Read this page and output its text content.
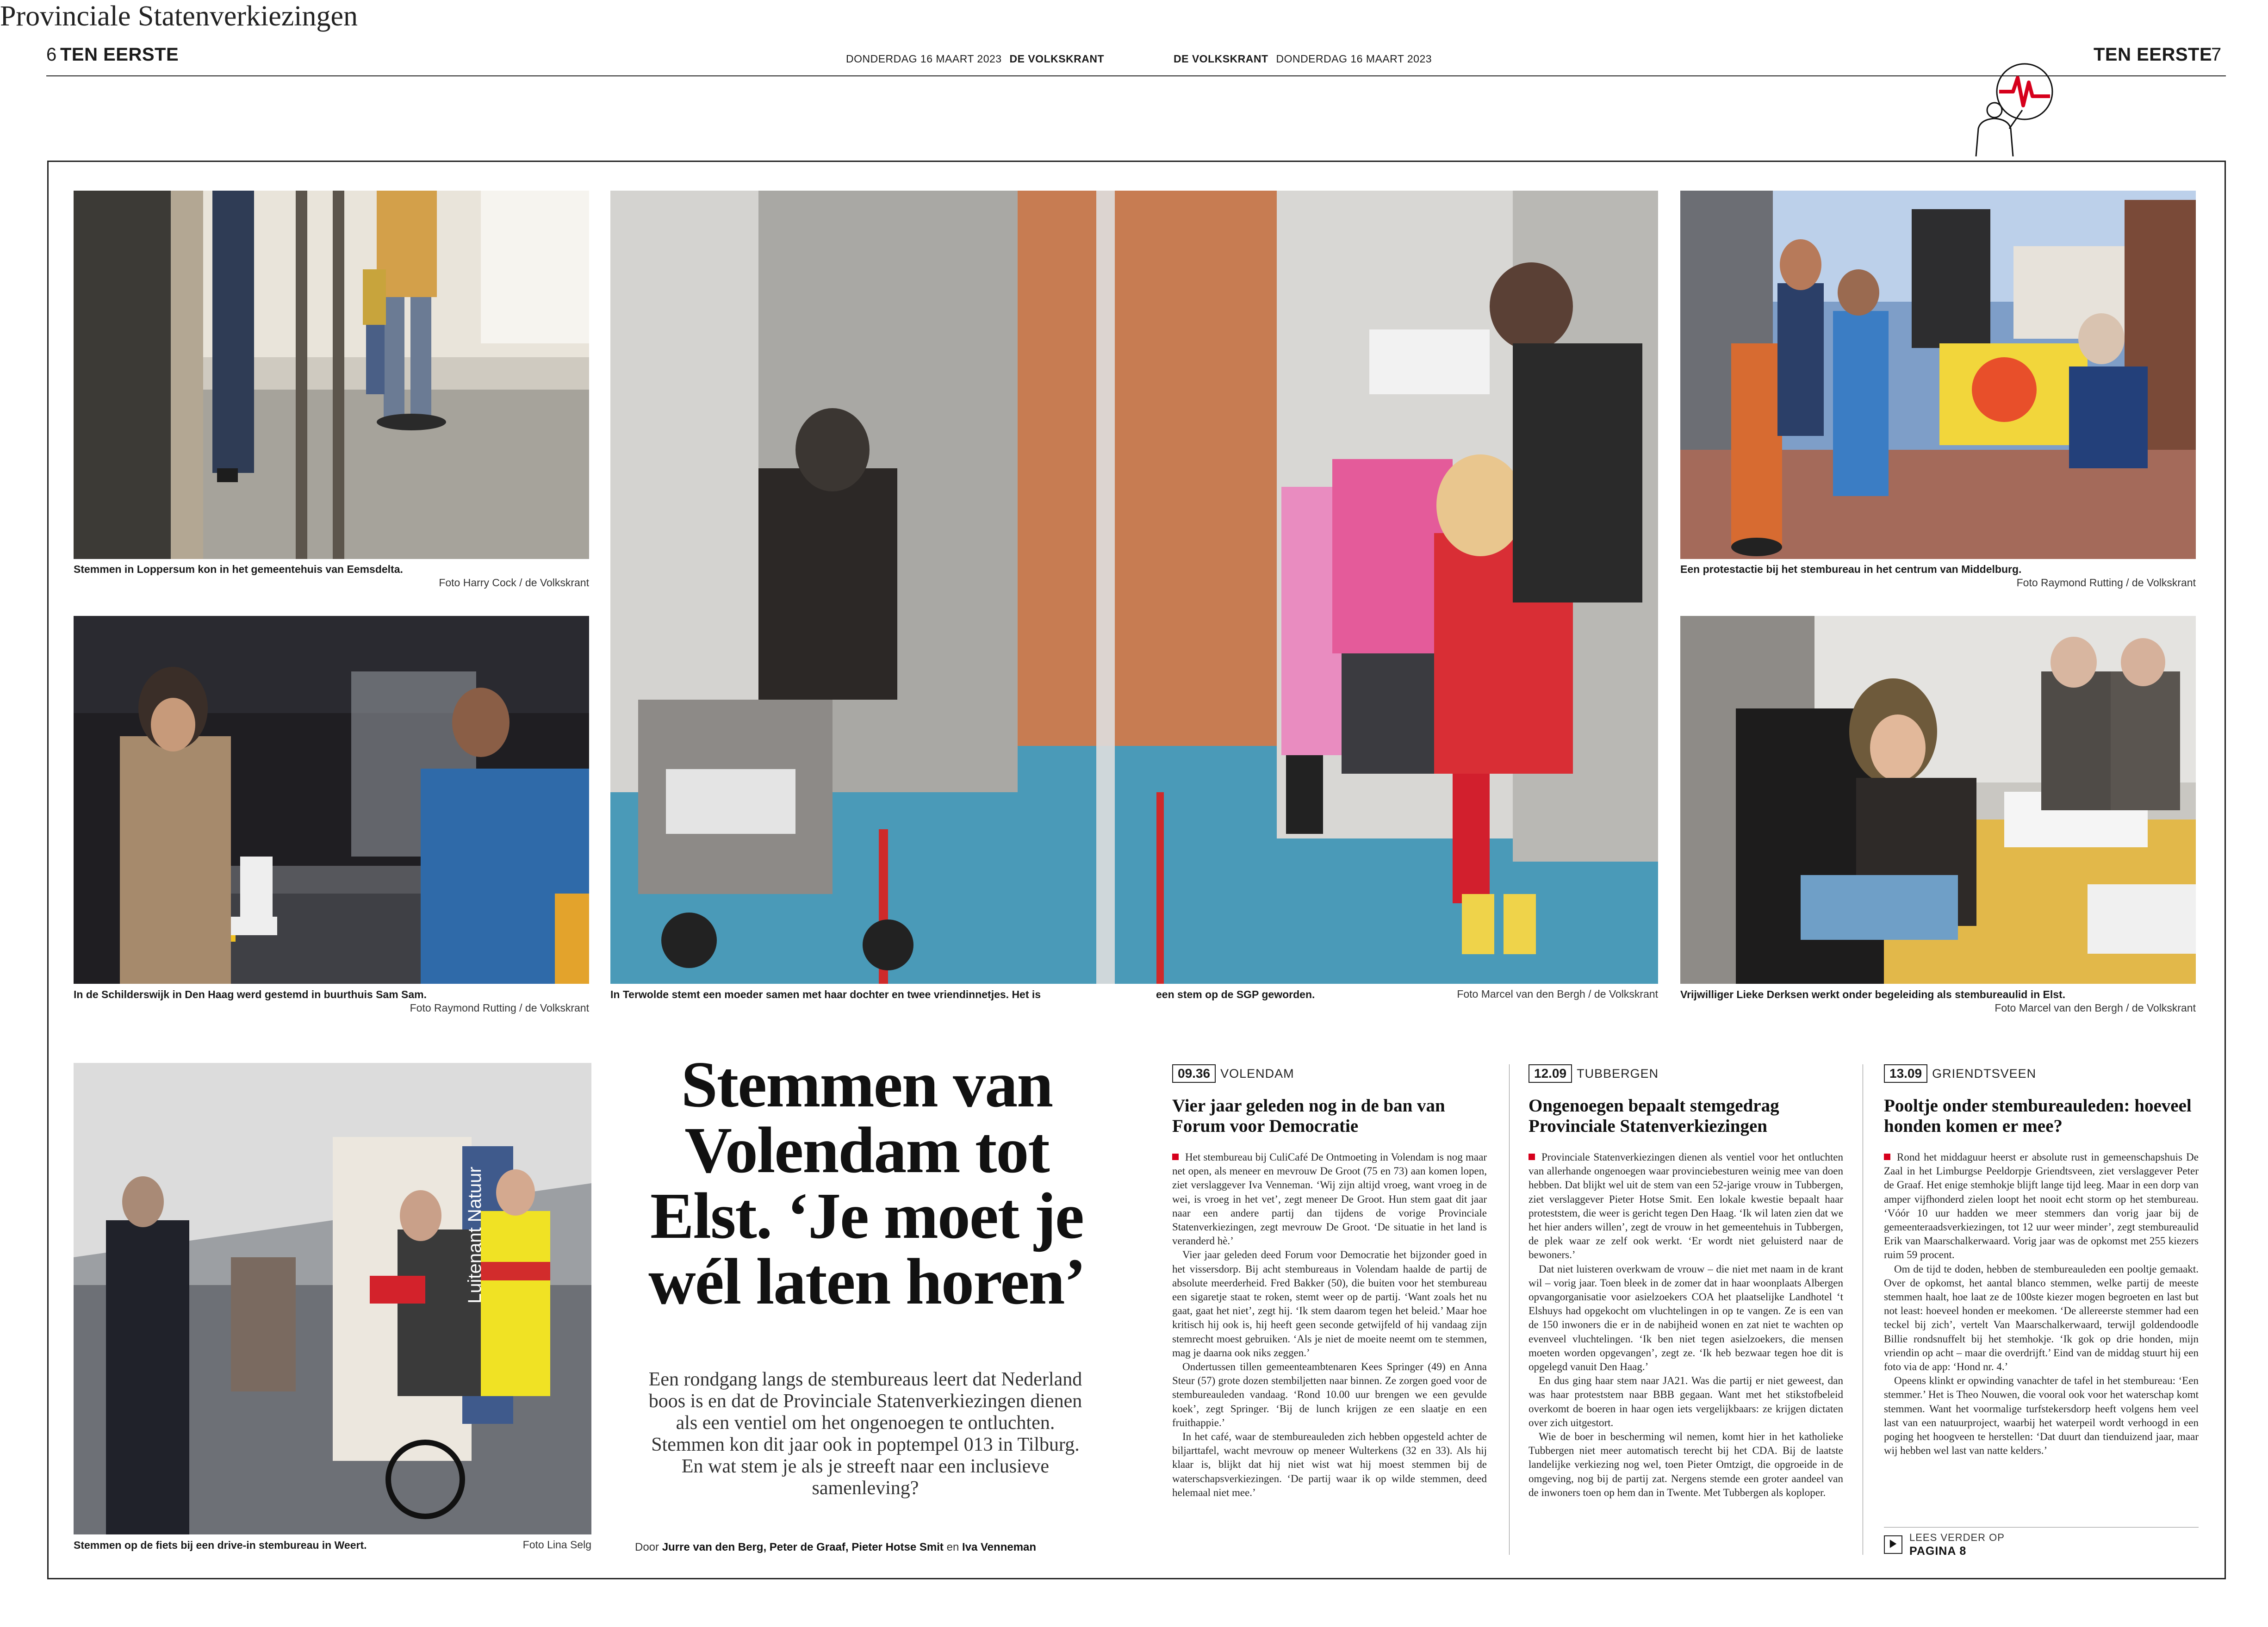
6 TEN EERSTE	DONDERDAG 16 MAART 2023 DE VOLKSKRANT	DE VOLKSKRANT DONDERDAG 16 MAART 2023	TEN EERSTE
7
Provinciale Statenverkiezingen
Stemmen in Loppersum kon in het gemeentehuis van Eemsdelta.
Foto Harry Cock / de Volkskrant
In de Schilderswijk in Den Haag werd gestemd in buurthuis Sam Sam.
Foto Raymond Rutting / de Volkskrant
In Terwolde stemt een moeder samen met haar dochter en twee vriendinnetjes. Het is	een stem op de SGP geworden.	Foto Marcel van den Bergh / de Volkskrant
Een protestactie bij het stembureau in het centrum van Middelburg.
Foto Raymond Rutting / de Volkskrant
Vrijwilliger Lieke Derksen werkt onder begeleiding als stembureaulid in Elst.
Foto Marcel van den Bergh / de Volkskrant
Luitenant Natuur
Stemmen op de fiets bij een drive-in stembureau in Weert.	Foto Lina Selg
Stemmen van
Volendam tot
Elst. ‘Je moet je
wél laten horen’
Een rondgang langs de stembureaus leert dat Nederland boos is en dat de Provinciale Statenverkiezingen dienen als een ventiel om het ongenoegen te ontluchten. Stemmen kon dit jaar ook in poptempel 013 in Tilburg. En wat stem je als je streeft naar een inclusieve samenleving?
Door Jurre van den Berg, Peter de Graaf, Pieter Hotse Smit en Iva Venneman
09.36 VOLENDAM
Vier jaar geleden nog in de ban van Forum voor Democratie

Het stembureau bij CuliCafé De Ontmoeting in Volendam is nog maar net open, als meneer en mevrouw De Groot (75 en 73) aan komen lopen, ziet verslaggever Iva Venneman. ‘Wij zijn altijd vroeg, want vroeg in de wei, is vroeg in het vet’, zegt meneer De Groot. Hun stem gaat dit jaar naar een andere partij dan tijdens de vorige Provinciale Statenverkiezingen, zegt mevrouw De Groot. ‘De situatie in het land is veranderd hè.’

Vier jaar geleden deed Forum voor Democratie het bijzonder goed in het vissersdorp. Bij acht stembureaus in Volendam haalde de partij de absolute meerderheid. Fred Bakker (50), die buiten voor het stembureau een sigaretje staat te roken, stemt weer op de partij. ‘Want zoals het nu gaat, gaat het niet’, zegt hij. ‘Ik stem daarom tegen het beleid.’ Maar hoe kritisch hij ook is, hij heeft geen seconde getwijfeld of hij vandaag zijn stemrecht moest gebruiken. ‘Als je niet de moeite neemt om te stemmen, mag je daarna ook niks zeggen.’

Ondertussen tillen gemeenteambtenaren Kees Springer (49) en Anna Steur (57) grote dozen stembiljetten naar binnen. Ze zorgen goed voor de stembureauleden vandaag. ‘Rond 10.00 uur brengen we een gevulde koek’, zegt Springer. ‘Bij de lunch krijgen ze een slaatje en een fruithappie.’

In het café, waar de stembureauleden zich hebben opgesteld achter de biljarttafel, wacht mevrouw op meneer Wulterkens (32 en 33). Als hij klaar is, blijkt dat hij niet wist wat hij moest stemmen bij de waterschapsverkiezingen. ‘De partij waar ik op wilde stemmen, deed helemaal niet mee.’

12.09 TUBBERGEN
Ongenoegen bepaalt stemgedrag Provinciale Statenverkiezingen

Provinciale Statenverkiezingen dienen als ventiel voor het ontluchten van allerhande ongenoegen waar provinciebesturen weinig mee van doen hebben. Dat blijkt wel uit de stem van een 52-jarige vrouw in Tubbergen, ziet verslaggever Pieter Hotse Smit. Een lokale kwestie bepaalt haar proteststem, die weer is gericht tegen Den Haag. ‘Ik wil laten zien dat we het hier anders willen’, zegt de vrouw in het gemeentehuis in Tubbergen, de plek waar ze zelf ook werkt. ‘Er wordt niet geluisterd naar de bewoners.’

Dat niet luisteren overkwam de vrouw – die niet met naam in de krant wil – vorig jaar. Toen bleek in de zomer dat in haar woonplaats Albergen opvangorganisatie voor asielzoekers COA het plaatselijke Landhotel ‘t Elshuys had opgekocht om vluchtelingen in op te vangen. Ze is een van de 150 inwoners die er in de nabijheid wonen en zat niet te wachten op evenveel vluchtelingen. ‘Ik ben niet tegen asielzoekers, die mensen moeten worden opgevangen’, zegt ze. ‘Ik heb bezwaar tegen hoe dit is opgelegd vanuit Den Haag.’

En dus ging haar stem naar JA21. Was die partij er niet geweest, dan was haar proteststem naar BBB gegaan. Want met het stikstofbeleid overkomt de boeren in haar ogen iets vergelijkbaars: ze krijgen dictaten over zich uitgestort.

Wie de boer in bescherming wil nemen, komt hier in het katholieke Tubbergen niet meer automatisch terecht bij het CDA. Bij de laatste landelijke verkiezing nog wel, toen Pieter Omtzigt, die opgroeide in de omgeving, nog bij de partij zat. Nergens stemde een groter aandeel van de inwoners toen op hem dan in Twente. Met Tubbergen als koploper.

13.09 GRIENDTSVEEN
Pooltje onder stembureauleden: hoeveel honden komen er mee?

Rond het middaguur heerst er absolute rust in gemeenschapshuis De Zaal in het Limburgse Peeldorpje Griendtsveen, ziet verslaggever Peter de Graaf. Het enige stemhokje blijft lange tijd leeg. Maar in een dorp van amper vijfhonderd zielen loopt het nooit echt storm op het stembureau. ‘Vóór 10 uur hadden we meer stemmers dan vorig jaar bij de gemeenteraadsverkiezingen, tot 12 uur weer minder’, zegt stembureaulid Erik van Maarschalkerwaard. Vorig jaar was de opkomst met 255 kiezers ruim 59 procent.

Om de tijd te doden, hebben de stembureauleden een pooltje gemaakt. Over de opkomst, het aantal blanco stemmen, welke partij de meeste stemmen haalt, hoe laat ze de 100ste kiezer mogen begroeten en last but not least: hoeveel honden er meekomen. ‘De allereerste stemmer had een teckel bij zich’, vertelt Van Maarschalkerwaard, terwijl goldendoodle Billie rondsnuffelt bij het stemhokje. ‘Ik gok op drie honden, mijn vriendin op acht – maar die overdrijft.’ Eind van de middag stuurt hij een foto via de app: ‘Hond nr. 4.’

Opeens klinkt er opwinding vanachter de tafel in het stembureau: ‘Een stemmer.’ Het is Theo Nouwen, die vooral ook voor het waterschap komt stemmen. Want het voormalige turfstekersdorp heeft volgens hem veel last van een natuurproject, waarbij het waterpeil wordt verhoogd in een poging het hoogveen te herstellen: ‘Dat duurt dan tienduizend jaar, maar wij hebben wel last van natte kelders.’

LEES VERDER OP
PAGINA 8
